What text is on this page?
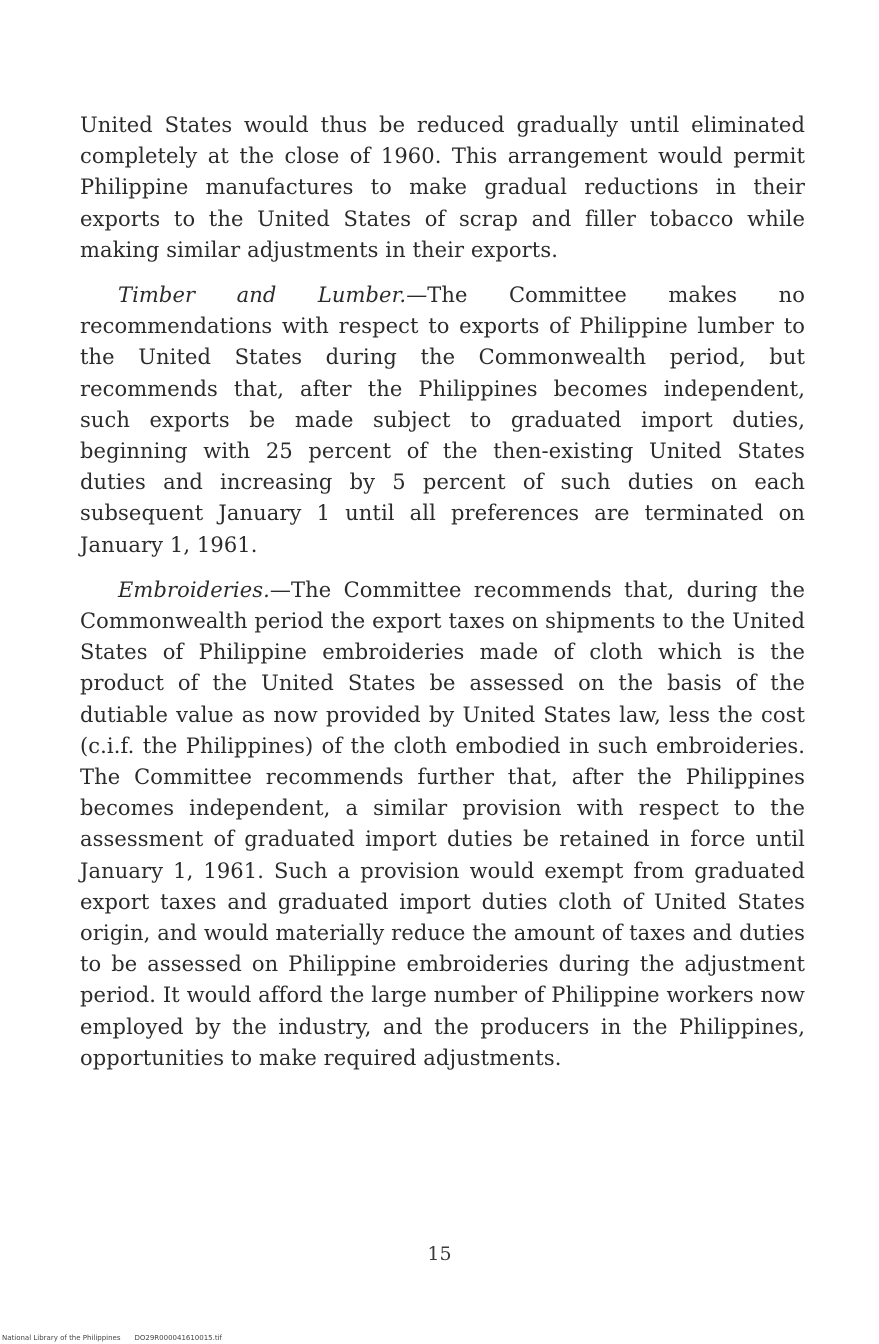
United States would thus be reduced gradually until eliminated completely at the close of 1960. This arrangement would permit Philippine manufactures to make gradual reductions in their exports to the United States of scrap and filler tobacco while making similar adjustments in their exports.

Timber and Lumber.—The Committee makes no recommendations with respect to exports of Philippine lumber to the United States during the Commonwealth period, but recommends that, after the Philippines becomes independent, such exports be made subject to graduated import duties, beginning with 25 percent of the then-existing United States duties and increasing by 5 percent of such duties on each subsequent January 1 until all preferences are terminated on January 1, 1961.

Embroideries.—The Committee recommends that, during the Commonwealth period the export taxes on shipments to the United States of Philippine embroideries made of cloth which is the product of the United States be assessed on the basis of the dutiable value as now provided by United States law, less the cost (c.i.f. the Philippines) of the cloth embodied in such embroideries. The Committee recommends further that, after the Philippines becomes independent, a similar provision with respect to the assessment of graduated import duties be retained in force until January 1, 1961. Such a provision would exempt from graduated export taxes and graduated import duties cloth of United States origin, and would materially reduce the amount of taxes and duties to be assessed on Philippine embroideries during the adjustment period. It would afford the large number of Philippine workers now employed by the industry, and the producers in the Philippines, opportunities to make required adjustments.

15
National Library of the Philippines DO29R000041610015.tif
